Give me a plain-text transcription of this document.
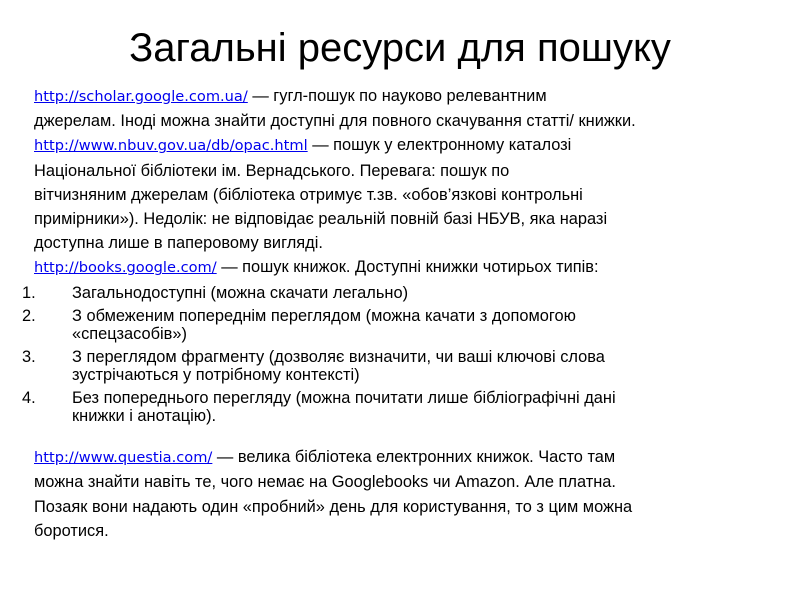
Загальні ресурси для пошуку

http://scholar.google.com.ua/ — гугл-пошук по науково релевантним
джерелам. Іноді можна знайти доступні для повного скачування статті/ книжки.

http://www.nbuv.gov.ua/db/opac.html — пошук у електронному каталозі
Національної бібліотеки ім. Вернадського. Перевага: пошук по
вітчизняним джерелам (бібліотека отримує т.зв. «обов’язкові контрольні
примірники»). Недолік: не відповідає реальній повній базі НБУВ, яка наразі
доступна лише в паперовому вигляді.

http://books.google.com/ — пошук книжок. Доступні книжки чотирьох типів:

1. Загальнодоступні (можна скачати легально)
2. З обмеженим попереднім переглядом (можна качати з допомогою
«спецзасобів»)
3. З переглядом фрагменту (дозволяє визначити, чи ваші ключові слова
зустрічаються у потрібному контексті)
4. Без попереднього перегляду (можна почитати лише бібліографічні дані
книжки і анотацію).

http://www.questia.com/ — велика бібліотека електронних книжок. Часто там
можна знайти навіть те, чого немає на Googlebooks чи Amazon. Але платна.
Позаяк вони надають один «пробний» день для користування, то з цим можна
боротися.
